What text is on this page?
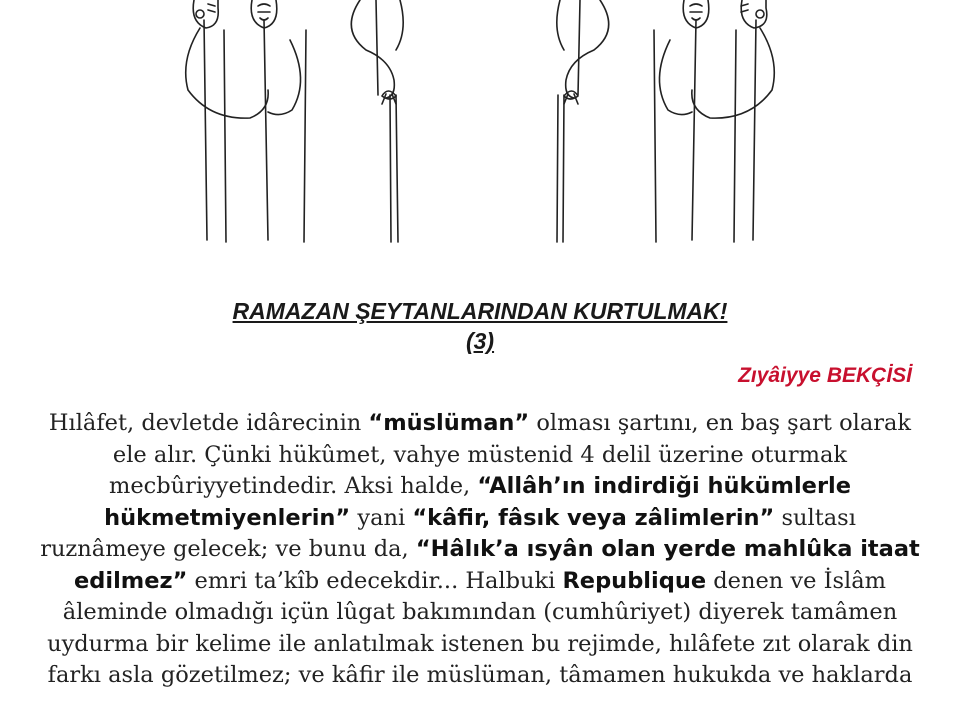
RAMAZAN ŞEYTANLARINDAN KURTULMAK!
(3)
Zıyâiyye BEKÇİSİ
Hılâfet, devletde idârecinin “müslüman” olması şartını, en baş şart olarak ele alır. Çünki hükûmet, vahye müstenid 4 delil üzerine oturmak mecbûriyyetindedir. Aksi halde, “Allâh’ın indirdiği hükümlerle hükmetmiyenlerin” yani “kâfir, fâsık veya zâlimlerin” sultası ruznâmeye gelecek; ve bunu da, “Hâlık’a ısyân olan yerde mahlûka itaat edilmez” emri ta’kîb edecekdir... Halbuki Republique denen ve İslâm âleminde olmadığı içün lûgat bakımından (cumhûriyet) diyerek tamâmen uydurma bir kelime ile anlatılmak istenen bu rejimde, hılâfete zıt olarak din farkı asla gözetilmez; ve kâfir ile müslüman, tâmamen hukukda ve haklarda
